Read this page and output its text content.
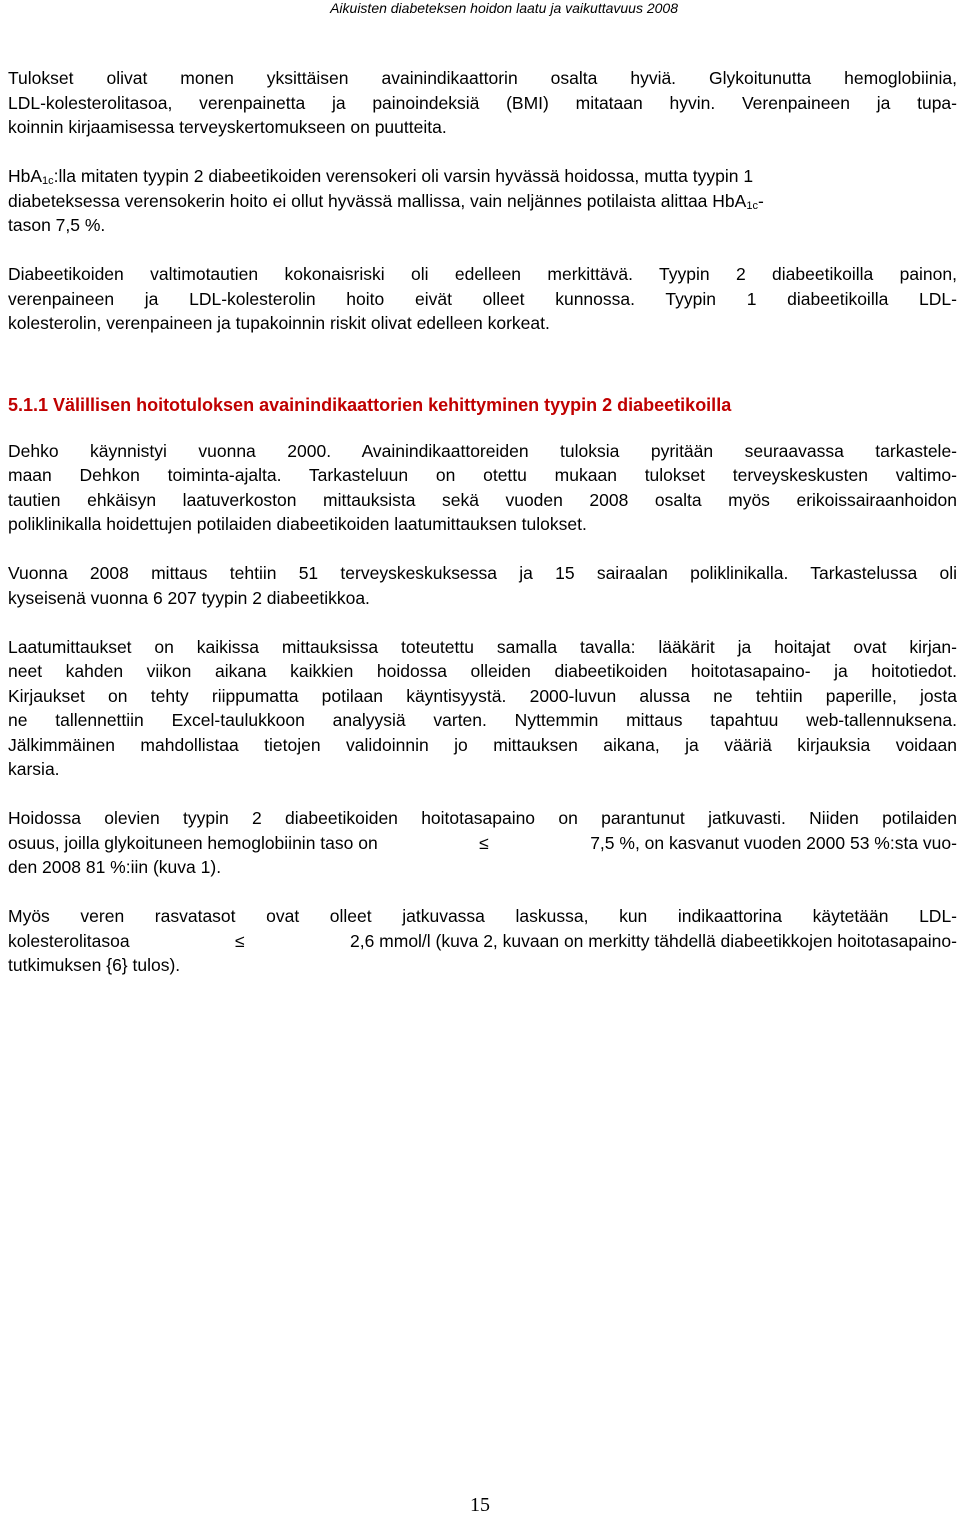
Aikuisten diabeteksen hoidon laatu ja vaikuttavuus 2008

Tulokset olivat monen yksittäisen avainindikaattorin osalta hyviä. Glykoitunutta hemoglobiinia,
LDL-kolesterolitasoa, verenpainetta ja painoindeksiä (BMI) mitataan hyvin. Verenpaineen ja tupa-
koinnin kirjaamisessa terveyskertomukseen on puutteita.

HbA$_{1c}$:lla mitaten tyypin 2 diabeetikoiden verensokeri oli varsin hyvässä hoidossa, mutta tyypin 1
diabeteksessa verensokerin hoito ei ollut hyvässä mallissa, vain neljännes potilaista alittaa HbA$_{1c}$-
tason 7,5 %.

Diabeetikoiden valtimotautien kokonaisriski oli edelleen merkittävä. Tyypin 2 diabeetikoilla painon,
verenpaineen ja LDL-kolesterolin hoito eivät olleet kunnossa. Tyypin 1 diabeetikoilla LDL-
kolesterolin, verenpaineen ja tupakoinnin riskit olivat edelleen korkeat.

5.1.1 Välillisen hoitotuloksen avainindikaattorien kehittyminen tyypin 2 diabeetikoilla

Dehko käynnistyi vuonna 2000. Avainindikaattoreiden tuloksia pyritään seuraavassa tarkastele-
maan Dehkon toiminta-ajalta. Tarkasteluun on otettu mukaan tulokset terveyskeskusten valtimo-
tautien ehkäisyn laatuverkoston mittauksista sekä vuoden 2008 osalta myös erikoissairaanhoidon
poliklinikalla hoidettujen potilaiden diabeetikoiden laatumittauksen tulokset.

Vuonna 2008 mittaus tehtiin 51 terveyskeskuksessa ja 15 sairaalan poliklinikalla. Tarkastelussa oli
kyseisenä vuonna 6 207 tyypin 2 diabeetikkoa.

Laatumittaukset on kaikissa mittauksissa toteutettu samalla tavalla: lääkärit ja hoitajat ovat kirjan-
neet kahden viikon aikana kaikkien hoidossa olleiden diabeetikoiden hoitotasapaino- ja hoitotiedot.
Kirjaukset on tehty riippumatta potilaan käyntisyystä. 2000-luvun alussa ne tehtiin paperille, josta
ne tallennettiin Excel-taulukkoon analyysiä varten. Nyttemmin mittaus tapahtuu web-tallennuksena.
Jälkimmäinen mahdollistaa tietojen validoinnin jo mittauksen aikana, ja vääriä kirjauksia voidaan
karsia.

Hoidossa olevien tyypin 2 diabeetikoiden hoitotasapaino on parantunut jatkuvasti. Niiden potilaiden
osuus, joilla glykoituneen hemoglobiinin taso on	≤	7,5 %, on kasvanut vuoden 2000 53 %:sta vuo-
den 2008 81 %:iin (kuva 1).

Myös veren rasvatasot ovat olleet jatkuvassa laskussa, kun indikaattorina käytetään LDL-
kolesterolitasoa	≤	2,6 mmol/l (kuva 2, kuvaan on merkitty tähdellä diabeetikkojen hoitotasapaino-
tutkimuksen {6} tulos).

15
